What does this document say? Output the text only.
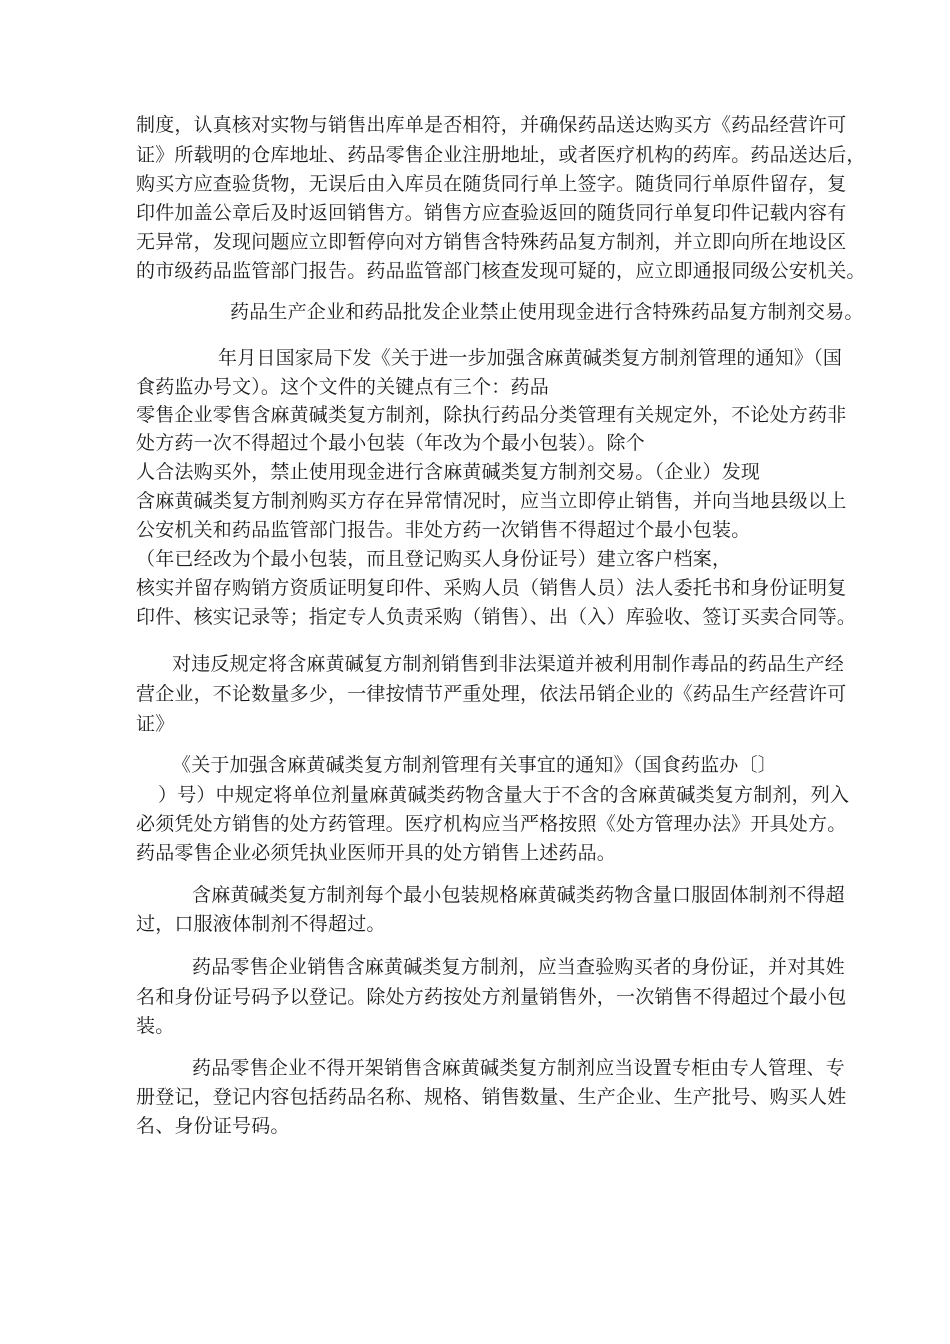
制度，认真核对实物与销售出库单是否相符，并确保药品送达购买方《药品经营许可
证》所载明的仓库地址、药品零售企业注册地址，或者医疗机构的药库。药品送达后，
购买方应查验货物，无误后由入库员在随货同行单上签字。随货同行单原件留存，复
印件加盖公章后及时返回销售方。销售方应查验返回的随货同行单复印件记载内容有
无异常，发现问题应立即暂停向对方销售含特殊药品复方制剂，并立即向所在地设区
的市级药品监管部门报告。药品监管部门核查发现可疑的，应立即通报同级公安机关。
药品生产企业和药品批发企业禁止使用现金进行含特殊药品复方制剂交易。
年月日国家局下发《关于进一步加强含麻黄碱类复方制剂管理的通知》（国
食药监办号文）。这个文件的关键点有三个：药品
零售企业零售含麻黄碱类复方制剂，除执行药品分类管理有关规定外，不论处方药非
处方药一次不得超过个最小包装（年改为个最小包装）。除个
人合法购买外，禁止使用现金进行含麻黄碱类复方制剂交易。（企业）发现
含麻黄碱类复方制剂购买方存在异常情况时，应当立即停止销售，并向当地县级以上
公安机关和药品监管部门报告。非处方药一次销售不得超过个最小包装。
（年已经改为个最小包装，而且登记购买人身份证号）建立客户档案，
核实并留存购销方资质证明复印件、采购人员（销售人员）法人委托书和身份证明复
印件、核实记录等；指定专人负责采购（销售）、出（入）库验收、签订买卖合同等。
对违反规定将含麻黄碱复方制剂销售到非法渠道并被利用制作毒品的药品生产经
营企业，不论数量多少，一律按情节严重处理，依法吊销企业的《药品生产经营许可
证》
《关于加强含麻黄碱类复方制剂管理有关事宜的通知》（国食药监办〔〕
）号）中规定将单位剂量麻黄碱类药物含量大于不含的含麻黄碱类复方制剂，列入
必须凭处方销售的处方药管理。医疗机构应当严格按照《处方管理办法》开具处方。
药品零售企业必须凭执业医师开具的处方销售上述药品。
含麻黄碱类复方制剂每个最小包装规格麻黄碱类药物含量口服固体制剂不得超
过，口服液体制剂不得超过。
药品零售企业销售含麻黄碱类复方制剂，应当查验购买者的身份证，并对其姓
名和身份证号码予以登记。除处方药按处方剂量销售外，一次销售不得超过个最小包
装。
药品零售企业不得开架销售含麻黄碱类复方制剂应当设置专柜由专人管理、专
册登记，登记内容包括药品名称、规格、销售数量、生产企业、生产批号、购买人姓
名、身份证号码。
